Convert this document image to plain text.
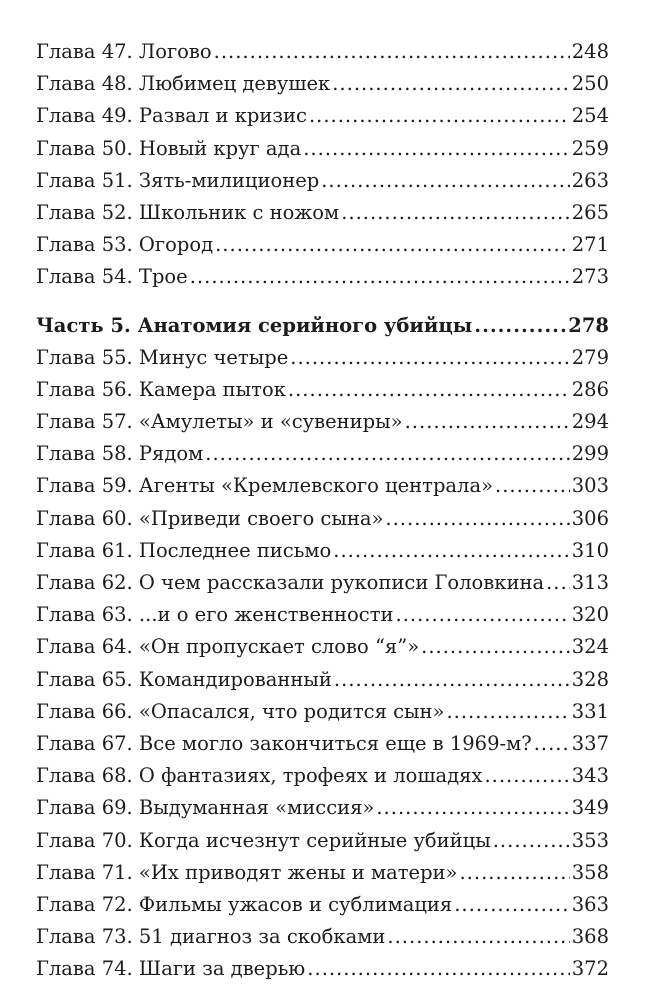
Глава 47. Логово .....	248
Глава 48. Любимец девушек .....	250
Глава 49. Развал и кризис .....	254
Глава 50. Новый круг ада .....	259
Глава 51. Зять-милиционер .....	263
Глава 52. Школьник с ножом .....	265
Глава 53. Огород .....	271
Глава 54. Трое .....	273
Часть 5. Анатомия серийного убийцы .....	278
Глава 55. Минус четыре .....	279
Глава 56. Камера пыток .....	286
Глава 57. «Амулеты» и «сувениры» .....	294
Глава 58. Рядом .....	299
Глава 59. Агенты «Кремлевского централа» .....	303
Глава 60. «Приведи своего сына» .....	306
Глава 61. Последнее письмо .....	310
Глава 62. О чем рассказали рукописи Головкина ..... 313
Глава 63. ...и о его женственности .....	320
Глава 64. «Он пропускает слово “я”» .....	324
Глава 65. Командированный .....	328
Глава 66. «Опасался, что родится сын» .....	331
Глава 67. Все могло закончиться еще в 1969-м? ..... 337
Глава 68. О фантазиях, трофеях и лошадях .....	343
Глава 69. Выдуманная «миссия» .....	349
Глава 70. Когда исчезнут серийные убийцы .....	353
Глава 71. «Их приводят жены и матери» .....	358
Глава 72. Фильмы ужасов и сублимация .....	363
Глава 73. 51 диагноз за скобками .....	368
Глава 74. Шаги за дверью .....	372
